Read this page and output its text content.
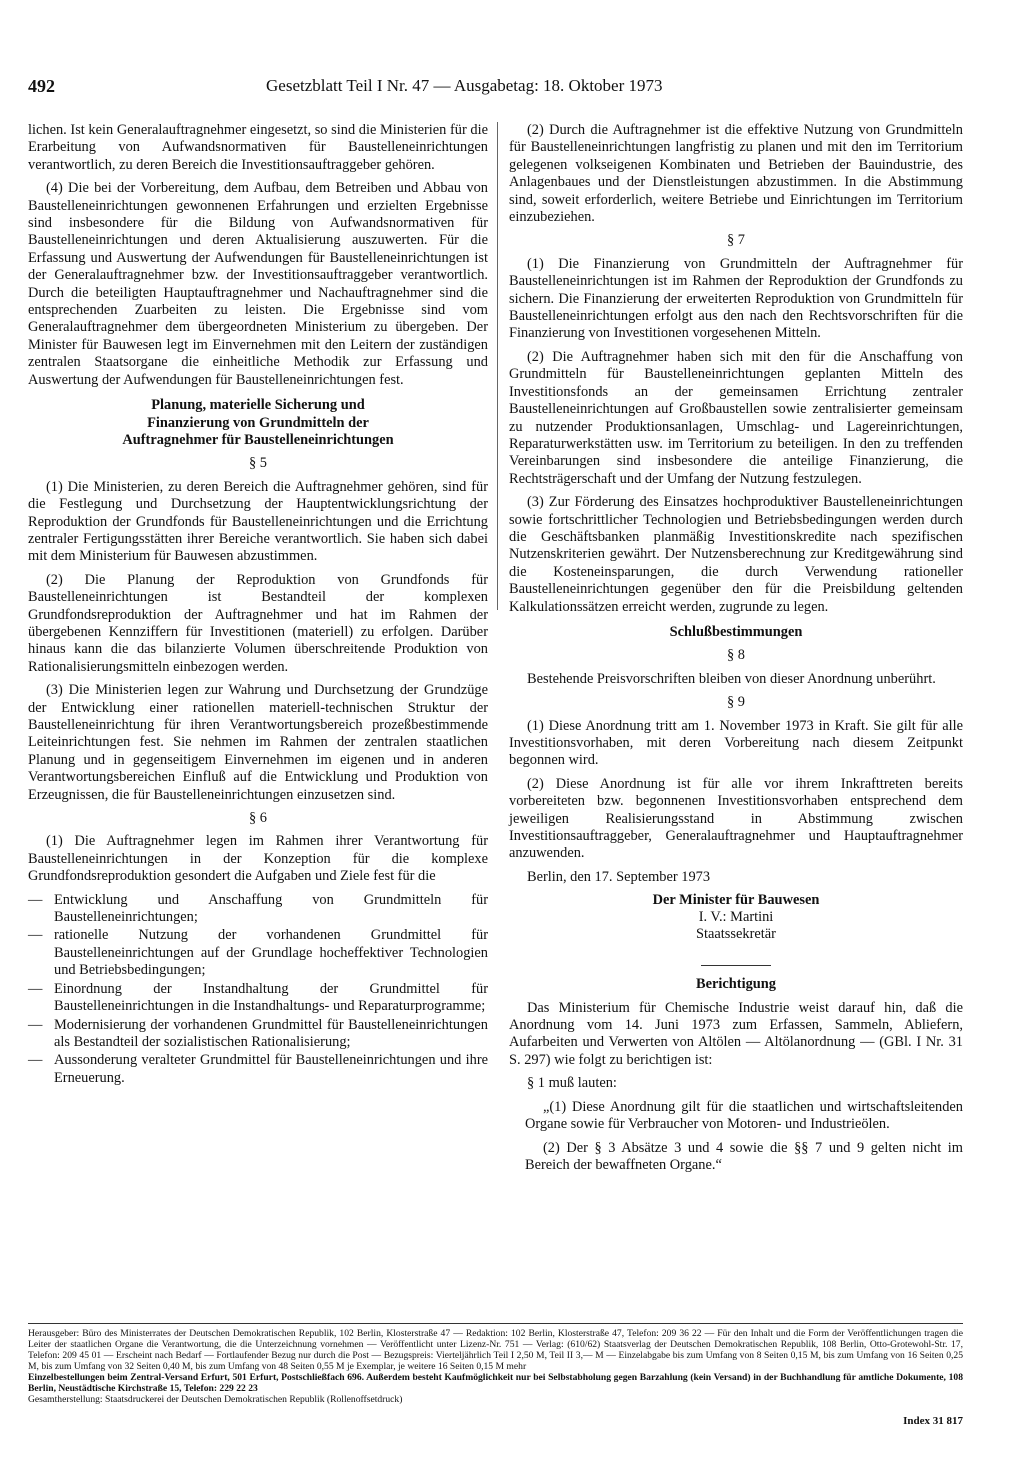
492	Gesetzblatt Teil I Nr. 47 — Ausgabetag: 18. Oktober 1973

lichen. Ist kein Generalauftragnehmer eingesetzt, so sind die Ministerien für die Erarbeitung von Aufwandsnormativen für Baustelleneinrichtungen verantwortlich, zu deren Bereich die Investitionsauftraggeber gehören.

(4) Die bei der Vorbereitung, dem Aufbau, dem Betreiben und Abbau von Baustelleneinrichtungen gewonnenen Erfahrungen und erzielten Ergebnisse sind insbesondere für die Bildung von Aufwandsnormativen für Baustelleneinrichtungen und deren Aktualisierung auszuwerten. Für die Erfassung und Auswertung der Aufwendungen für Baustelleneinrichtungen ist der Generalauftragnehmer bzw. der Investitionsauftraggeber verantwortlich. Durch die beteiligten Hauptauftragnehmer und Nachauftragnehmer sind die entsprechenden Zuarbeiten zu leisten. Die Ergebnisse sind vom Generalauftragnehmer dem übergeordneten Ministerium zu übergeben. Der Minister für Bauwesen legt im Einvernehmen mit den Leitern der zuständigen zentralen Staatsorgane die einheitliche Methodik zur Erfassung und Auswertung der Aufwendungen für Baustelleneinrichtungen fest.

Planung, materielle Sicherung und
Finanzierung von Grundmitteln der
Auftragnehmer für Baustelleneinrichtungen
§ 5

(1) Die Ministerien, zu deren Bereich die Auftragnehmer gehören, sind für die Festlegung und Durchsetzung der Hauptentwicklungsrichtung der Reproduktion der Grundfonds für Baustelleneinrichtungen und die Errichtung zentraler Fertigungsstätten ihrer Bereiche verantwortlich. Sie haben sich dabei mit dem Ministerium für Bauwesen abzustimmen.

(2) Die Planung der Reproduktion von Grundfonds für Baustelleneinrichtungen ist Bestandteil der komplexen Grundfondsreproduktion der Auftragnehmer und hat im Rahmen der übergebenen Kennziffern für Investitionen (materiell) zu erfolgen. Darüber hinaus kann die das bilanzierte Volumen überschreitende Produktion von Rationalisierungsmitteln einbezogen werden.

(3) Die Ministerien legen zur Wahrung und Durchsetzung der Grundzüge der Entwicklung einer rationellen materiell-technischen Struktur der Baustelleneinrichtung für ihren Verantwortungsbereich prozeßbestimmende Leiteinrichtungen fest. Sie nehmen im Rahmen der zentralen staatlichen Planung und in gegenseitigem Einvernehmen im eigenen und in anderen Verantwortungsbereichen Einfluß auf die Entwicklung und Produktion von Erzeugnissen, die für Baustelleneinrichtungen einzusetzen sind.

§ 6

(1) Die Auftragnehmer legen im Rahmen ihrer Verantwortung für Baustelleneinrichtungen in der Konzeption für die komplexe Grundfondsreproduktion gesondert die Aufgaben und Ziele fest für die

— Entwicklung und Anschaffung von Grundmitteln für Baustelleneinrichtungen;
— rationelle Nutzung der vorhandenen Grundmittel für Baustelleneinrichtungen auf der Grundlage hocheffektiver Technologien und Betriebsbedingungen;
— Einordnung der Instandhaltung der Grundmittel für Baustelleneinrichtungen in die Instandhaltungs- und Reparaturprogramme;
— Modernisierung der vorhandenen Grundmittel für Baustelleneinrichtungen als Bestandteil der sozialistischen Rationalisierung;
— Aussonderung veralteter Grundmittel für Baustelleneinrichtungen und ihre Erneuerung.

(2) Durch die Auftragnehmer ist die effektive Nutzung von Grundmitteln für Baustelleneinrichtungen langfristig zu planen und mit den im Territorium gelegenen volkseigenen Kombinaten und Betrieben der Bauindustrie, des Anlagenbaues und der Dienstleistungen abzustimmen. In die Abstimmung sind, soweit erforderlich, weitere Betriebe und Einrichtungen im Territorium einzubeziehen.

§ 7

(1) Die Finanzierung von Grundmitteln der Auftragnehmer für Baustelleneinrichtungen ist im Rahmen der Reproduktion der Grundfonds zu sichern. Die Finanzierung der erweiterten Reproduktion von Grundmitteln für Baustelleneinrichtungen erfolgt aus den nach den Rechtsvorschriften für die Finanzierung von Investitionen vorgesehenen Mitteln.

(2) Die Auftragnehmer haben sich mit den für die Anschaffung von Grundmitteln für Baustelleneinrichtungen geplanten Mitteln des Investitionsfonds an der gemeinsamen Errichtung zentraler Baustelleneinrichtungen auf Großbaustellen sowie zentralisierter gemeinsam zu nutzender Produktionsanlagen, Umschlag- und Lagereinrichtungen, Reparaturwerkstätten usw. im Territorium zu beteiligen. In den zu treffenden Vereinbarungen sind insbesondere die anteilige Finanzierung, die Rechtsträgerschaft und der Umfang der Nutzung festzulegen.

(3) Zur Förderung des Einsatzes hochproduktiver Baustelleneinrichtungen sowie fortschrittlicher Technologien und Betriebsbedingungen werden durch die Geschäftsbanken planmäßig Investitionskredite nach spezifischen Nutzenskriterien gewährt. Der Nutzensberechnung zur Kreditgewährung sind die Kosteneinsparungen, die durch Verwendung rationeller Baustelleneinrichtungen gegenüber den für die Preisbildung geltenden Kalkulationssätzen erreicht werden, zugrunde zu legen.

Schlußbestimmungen
§ 8

Bestehende Preisvorschriften bleiben von dieser Anordnung unberührt.

§ 9

(1) Diese Anordnung tritt am 1. November 1973 in Kraft. Sie gilt für alle Investitionsvorhaben, mit deren Vorbereitung nach diesem Zeitpunkt begonnen wird.

(2) Diese Anordnung ist für alle vor ihrem Inkrafttreten bereits vorbereiteten bzw. begonnenen Investitionsvorhaben entsprechend dem jeweiligen Realisierungsstand in Abstimmung zwischen Investitionsauftraggeber, Generalauftragnehmer und Hauptauftragnehmer anzuwenden.

Berlin, den 17. September 1973

Der Minister für Bauwesen
I. V.: Martini
Staatssekretär
Berichtigung

Das Ministerium für Chemische Industrie weist darauf hin, daß die Anordnung vom 14. Juni 1973 zum Erfassen, Sammeln, Abliefern, Aufarbeiten und Verwerten von Altölen — Altölanordnung — (GBl. I Nr. 31 S. 297) wie folgt zu berichtigen ist:

§ 1 muß lauten:

„(1) Diese Anordnung gilt für die staatlichen und wirtschaftsleitenden Organe sowie für Verbraucher von Motoren- und Industrieölen.

(2) Der § 3 Absätze 3 und 4 sowie die §§ 7 und 9 gelten nicht im Bereich der bewaffneten Organe.“

Herausgeber: Büro des Ministerrates der Deutschen Demokratischen Republik, 102 Berlin, Klosterstraße 47 — Redaktion: 102 Berlin, Klosterstraße 47, Telefon: 209 36 22 — Für den Inhalt und die Form der Veröffentlichungen tragen die Leiter der staatlichen Organe die Verantwortung, die die Unterzeichnung vornehmen — Veröffentlicht unter Lizenz-Nr. 751 — Verlag: (610/62) Staatsverlag der Deutschen Demokratischen Republik, 108 Berlin, Otto-Grotewohl-Str. 17, Telefon: 209 45 01 — Erscheint nach Bedarf — Fortlaufender Bezug nur durch die Post — Bezugspreis: Vierteljährlich Teil I 2,50 M, Teil II 3,— M — Einzelabgabe bis zum Umfang von 8 Seiten 0,15 M, bis zum Umfang von 16 Seiten 0,25 M, bis zum Umfang von 32 Seiten 0,40 M, bis zum Umfang von 48 Seiten 0,55 M je Exemplar, je weitere 16 Seiten 0,15 M mehr

Einzelbestellungen beim Zentral-Versand Erfurt, 501 Erfurt, Postschließfach 696. Außerdem besteht Kaufmöglichkeit nur bei Selbstabholung gegen Barzahlung (kein Versand) in der Buchhandlung für amtliche Dokumente, 108 Berlin, Neustädtische Kirchstraße 15, Telefon: 229 22 23

Gesamtherstellung: Staatsdruckerei der Deutschen Demokratischen Republik (Rollenoffsetdruck)

Index 31 817
